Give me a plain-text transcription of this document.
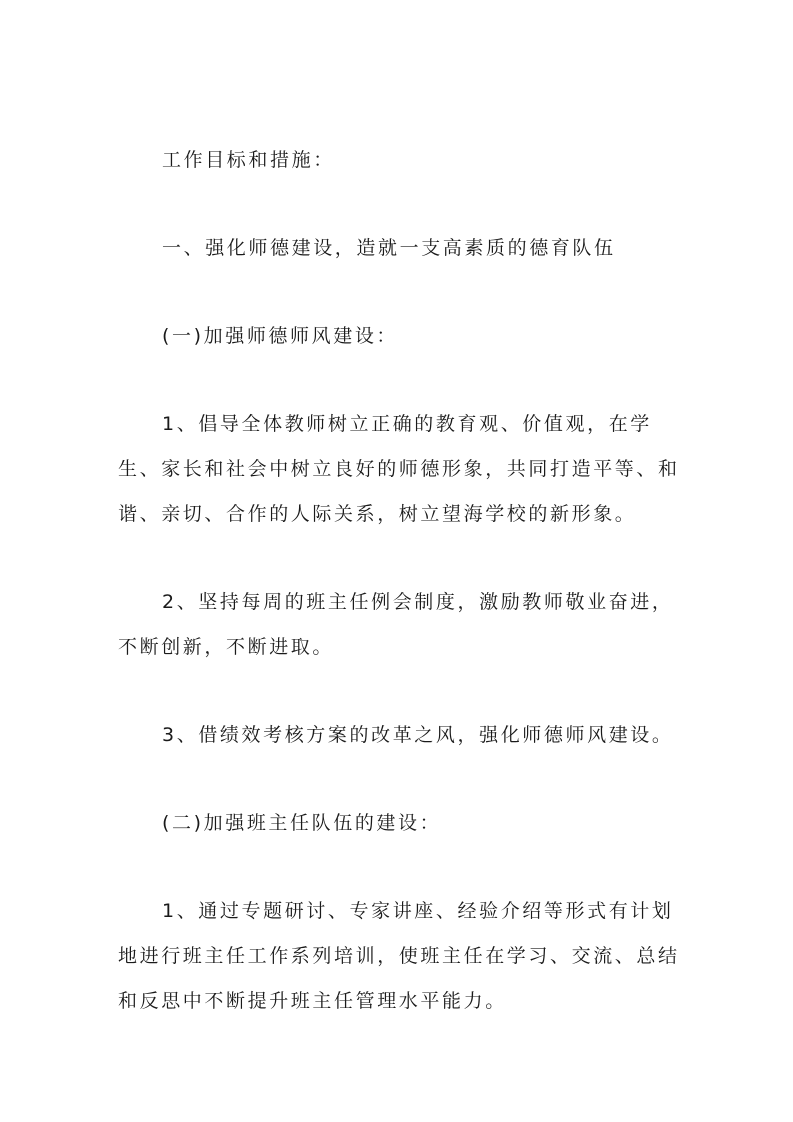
工作目标和措施：

一、强化师德建设，造就一支高素质的德育队伍

(一)加强师德师风建设：

1、倡导全体教师树立正确的教育观、价值观，在学生、家长和社会中树立良好的师德形象，共同打造平等、和谐、亲切、合作的人际关系，树立望海学校的新形象。

2、坚持每周的班主任例会制度，激励教师敬业奋进，不断创新，不断进取。

3、借绩效考核方案的改革之风，强化师德师风建设。

(二)加强班主任队伍的建设：

1、通过专题研讨、专家讲座、经验介绍等形式有计划地进行班主任工作系列培训，使班主任在学习、交流、总结和反思中不断提升班主任管理水平能力。
